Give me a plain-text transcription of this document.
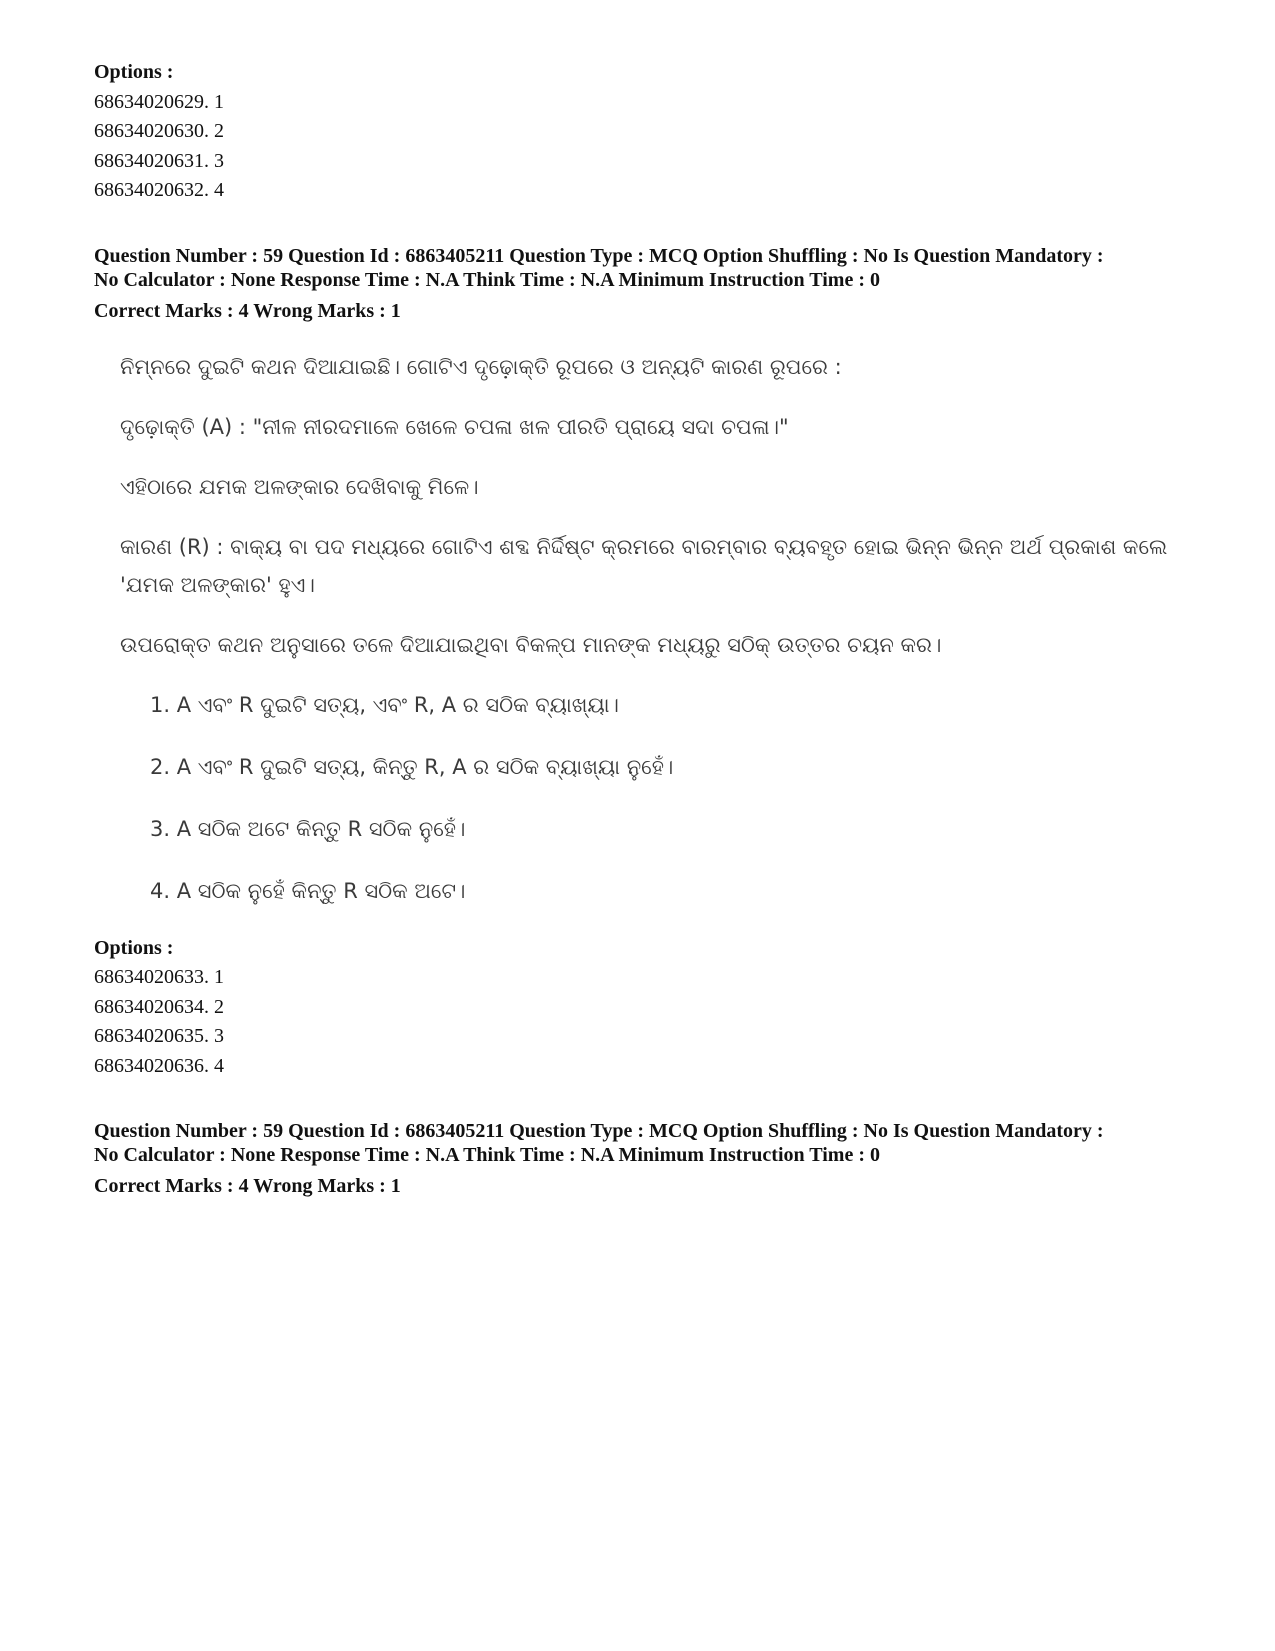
Options :
68634020629. 1
68634020630. 2
68634020631. 3
68634020632. 4
Question Number : 59 Question Id : 6863405211 Question Type : MCQ Option Shuffling : No Is Question Mandatory :
No Calculator : None Response Time : N.A Think Time : N.A Minimum Instruction Time : 0
Correct Marks : 4 Wrong Marks : 1

ନିମ୍ନରେ ଦୁଇଟି କଥନ ଦିଆଯାଇଛି। ଗୋଟିଏ ଦୃଢ଼ୋକ୍ତି ରୂପରେ ଓ ଅନ୍ୟଟି କାରଣ ରୂପରେ :

ଦୃଢ଼ୋକ୍ତି (A) : "ନୀଳ ନୀରଦମାଳେ ଖେଳେ ଚପଳା ଖଳ ପୀରତି ପ୍ରାୟେ ସଦା ଚପଳା।"

ଏହିଠାରେ ଯମକ ଅଳଙ୍କାର ଦେଖିବାକୁ ମିଳେ।

କାରଣ (R) : ବାକ୍ୟ ବା ପଦ ମଧ୍ୟରେ ଗୋଟିଏ ଶବ୍ଦ ନିର୍ଦ୍ଦିଷ୍ଟ କ୍ରମରେ ବାରମ୍ବାର ବ୍ୟବହୃତ ହୋଇ ଭିନ୍ନ ଭିନ୍ନ ଅର୍ଥ ପ୍ରକାଶ କଲେ 'ଯମକ ଅଳଙ୍କାର' ହୁଏ।

ଉପରୋକ୍ତ କଥନ ଅନୁସାରେ ତଳେ ଦିଆଯାଇଥିବା ବିକଳ୍ପ ମାନଙ୍କ ମଧ୍ୟରୁ ସଠିକ୍ ଉତ୍ତର ଚୟନ କର।

1. A ଏବଂ R ଦୁଇଟି ସତ୍ୟ, ଏବଂ R, A ର ସଠିକ ବ୍ୟାଖ୍ୟା।

2. A ଏବଂ R ଦୁଇଟି ସତ୍ୟ, କିନ୍ତୁ R, A ର ସଠିକ ବ୍ୟାଖ୍ୟା ନୁହେଁ।

3. A ସଠିକ ଅଟେ କିନ୍ତୁ R ସଠିକ ନୁହେଁ।

4. A ସଠିକ ନୁହେଁ କିନ୍ତୁ R ସଠିକ ଅଟେ।

Options :
68634020633. 1
68634020634. 2
68634020635. 3
68634020636. 4
Question Number : 59 Question Id : 6863405211 Question Type : MCQ Option Shuffling : No Is Question Mandatory :
No Calculator : None Response Time : N.A Think Time : N.A Minimum Instruction Time : 0
Correct Marks : 4 Wrong Marks : 1
